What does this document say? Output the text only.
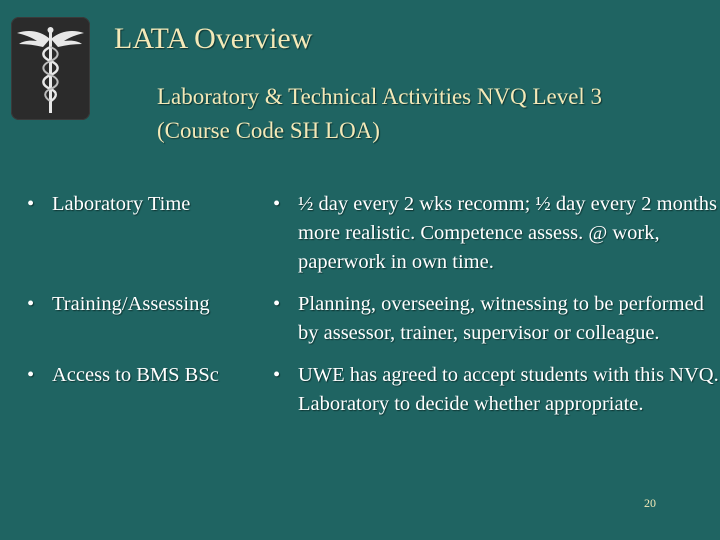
LATA Overview
Laboratory & Technical Activities NVQ Level 3
(Course Code SH LOA)
• Laboratory Time	• ½ day every 2 wks recomm; ½ day every 2 months more realistic. Competence assess. @ work, paperwork in own time.
• Training/Assessing	• Planning, overseeing, witnessing to be performed by assessor, trainer, supervisor or colleague.
• Access to BMS BSc	• UWE has agreed to accept students with this NVQ. Laboratory to decide whether appropriate.
20
